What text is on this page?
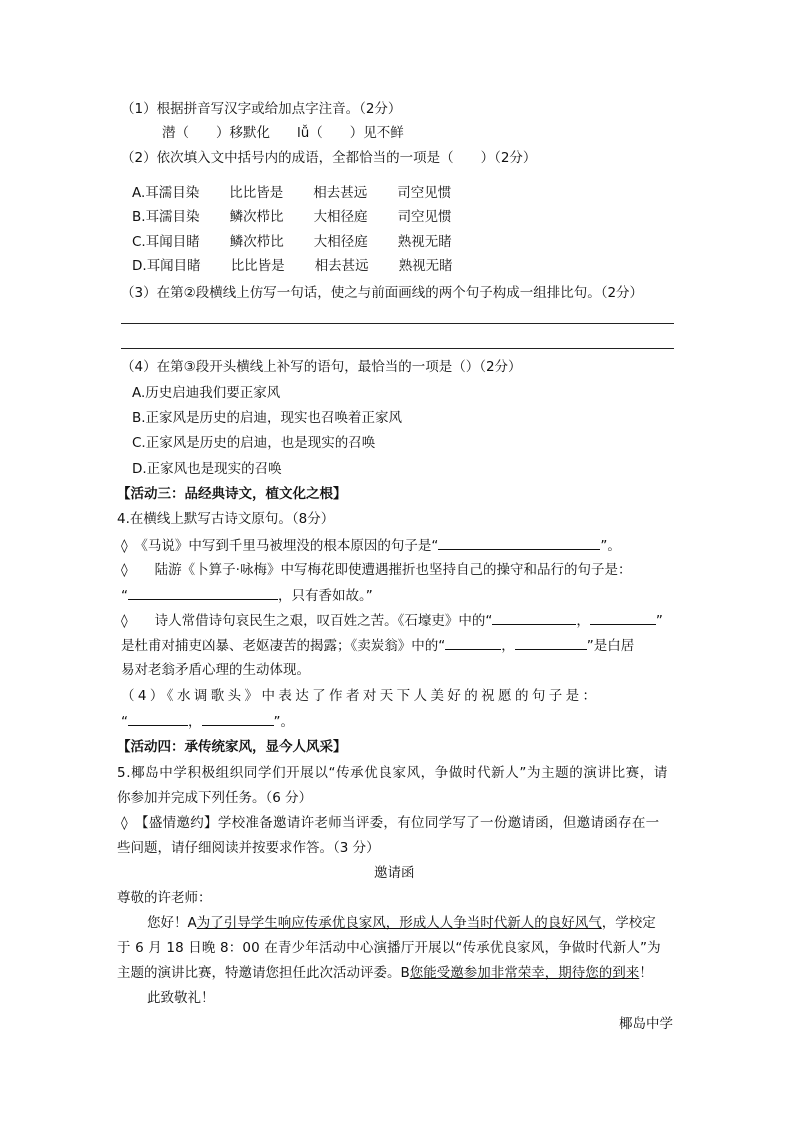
（1）根据拼音写汉字或给加点字注音。（2分）
潜（　　）移默化　　lǚ（　　）见不鲜
（2）依次填入文中括号内的成语，全都恰当的一项是（　　）（2分）
A.耳濡目染 比比皆是 相去甚远 司空见惯
B.耳濡目染 鳞次栉比 大相径庭 司空见惯
C.耳闻目睹 鳞次栉比 大相径庭 熟视无睹
D.耳闻目睹 比比皆是 相去甚远 熟视无睹
（3）在第②段横线上仿写一句话，使之与前面画线的两个句子构成一组排比句。（2分）
（4）在第③段开头横线上补写的语句，最恰当的一项是（）（2分）
A.历史启迪我们要正家风
B.正家风是历史的启迪，现实也召唤着正家风
C.正家风是历史的启迪，也是现实的召唤
D.正家风也是现实的召唤
【活动三：品经典诗文，植文化之根】
4.在横线上默写古诗文原句。（8分）
◊　《马说》中写到千里马被埋没的根本原因的句子是“	”。
◊　　陆游《卜算子·咏梅》中写梅花即使遭遇摧折也坚持自己的操守和品行的句子是：
“	，只有香如故。”
◊　　诗人常借诗句哀民生之艰，叹百姓之苦。《石壕吏》中的“	，	”
是杜甫对捕吏凶暴、老妪凄苦的揭露；《卖炭翁》中的“	，	”是白居
易对老翁矛盾心理的生动体现。
（4）《水调歌头》中表达了作者对天下人美好的祝愿的句子是：
“	，	”。
【活动四：承传统家风，显今人风采】
5.椰岛中学积极组织同学们开展以“传承优良家风，争做时代新人”为主题的演讲比赛，请
你参加并完成下列任务。（6 分）
◊　【盛情邀约】学校准备邀请许老师当评委，有位同学写了一份邀请函，但邀请函存在一
些问题，请仔细阅读并按要求作答。（3 分）
邀请函
尊敬的许老师：
您好！A为了引导学生响应传承优良家风，形成人人争当时代新人的良好风气，学校定
于 6 月 18 日晚 8：00 在青少年活动中心演播厅开展以“传承优良家风，争做时代新人”为
主题的演讲比赛，特邀请您担任此次活动评委。B您能受邀参加非常荣幸，期待您的到来！
此致敬礼！
椰岛中学
